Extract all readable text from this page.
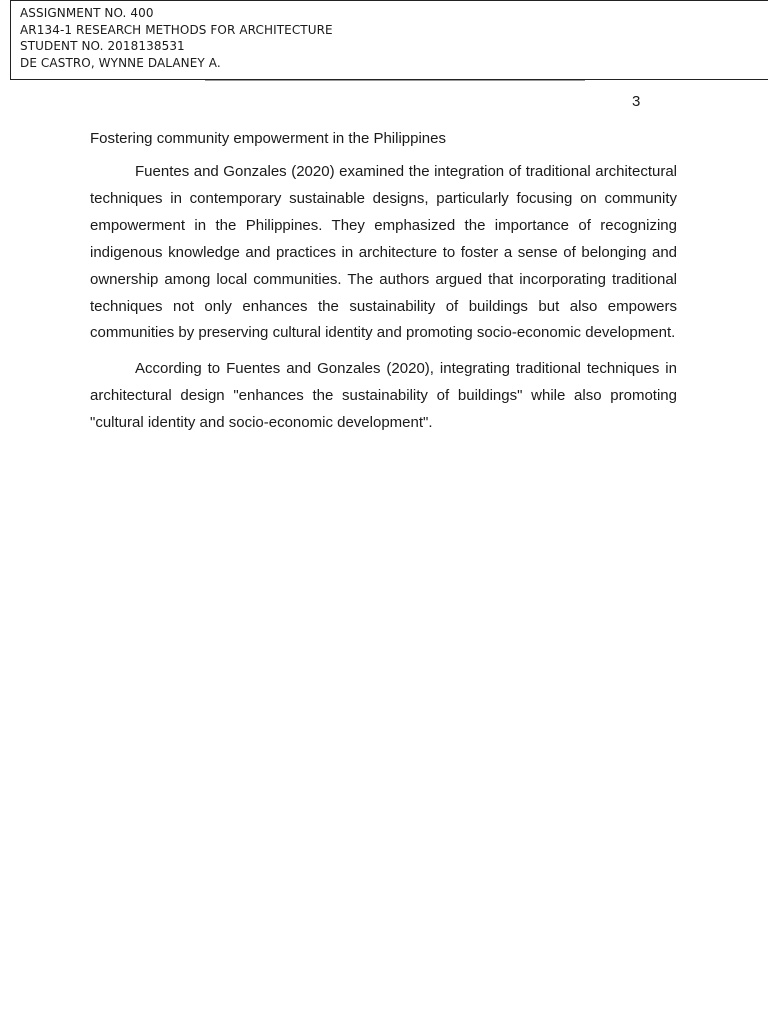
ASSIGNMENT NO. 400
AR134-1 RESEARCH METHODS FOR ARCHITECTURE
STUDENT NO. 2018138531
DE CASTRO, WYNNE DALANEY A.
3
Fostering community empowerment in the Philippines

Fuentes and Gonzales (2020) examined the integration of traditional architectural techniques in contemporary sustainable designs, particularly focusing on community empowerment in the Philippines. They emphasized the importance of recognizing indigenous knowledge and practices in architecture to foster a sense of belonging and ownership among local communities. The authors argued that incorporating traditional techniques not only enhances the sustainability of buildings but also empowers communities by preserving cultural identity and promoting socio-economic development.

According to Fuentes and Gonzales (2020), integrating traditional techniques in architectural design "enhances the sustainability of buildings" while also promoting "cultural identity and socio-economic development".
